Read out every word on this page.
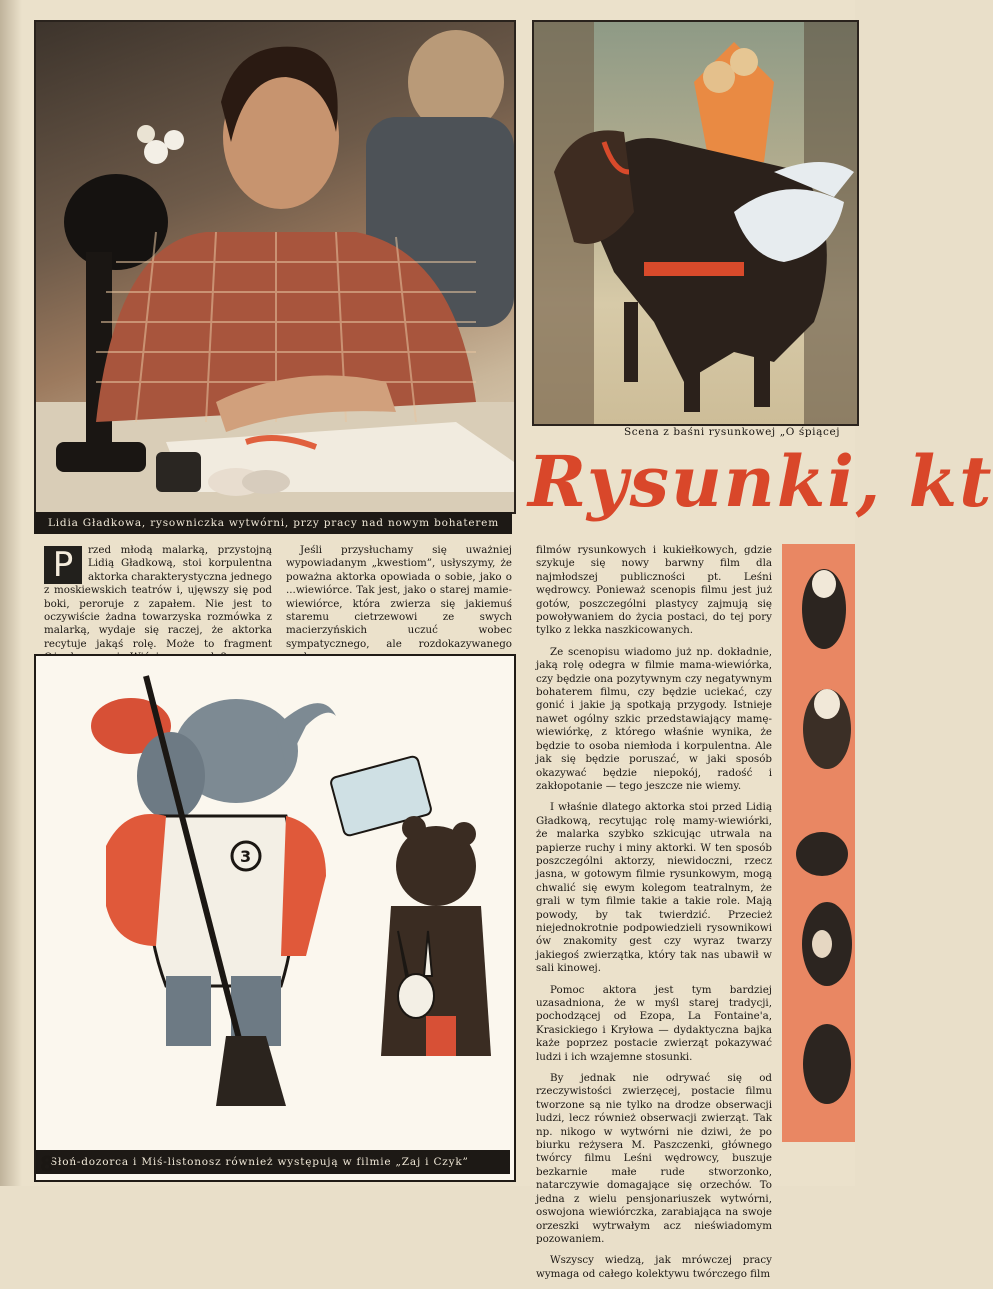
Lidia Gładkowa, rysowniczka wytwórni, przy pracy nad nowym bohaterem
Scena z baśni rysunkowej „O śpiącej
Rysunki, kt

P	rzed młodą malarką, przystojną Lidią Gładkową, stoi korpulentna aktorka charakterystyczna jednego z moskiewskich teatrów i, ujęwszy się pod boki, peroruje z zapałem. Nie jest to oczywiście żadna towarzyska rozmówka z malarką, wydaje się raczej, że aktorka recytuje jakąś rolę. Może to fragment

Jeśli przysłuchamy się uważniej wypowiadanym „kwestiom”, usłyszymy, że poważna aktorka opowiada o sobie, jako o ...wiewiórce. Tak jest, jako o starej mamie-wiewiórce, która zwierza się jakiemuś staremu cietrzewowi ze swych macierzyńskich uczuć wobec sympatycznego, ale rozdokazywanego

3
Słoń-dozorca i Miś-listonosz również występują w filmie „Zaj i Czyk”

filmów rysunkowych i kukiełkowych, gdzie szykuje się nowy barwny film dla najmłodszej publiczności pt. Leśni wędrowcy. Ponieważ scenopis filmu jest już gotów, poszczególni plastycy zajmują się powoływaniem do życia postaci, do tej pory tylko z lekka naszkicowanych.

Ze scenopisu wiadomo już np. dokładnie, jaką rolę odegra w filmie mama-wiewiórka, czy będzie ona pozytywnym czy negatywnym bohaterem filmu, czy będzie uciekać, czy gonić i jakie ją spotkają przygody. Istnieje nawet ogólny szkic przedstawiający mamę-wiewiórkę, z którego właśnie wynika, że będzie to osoba niemłoda i korpulentna. Ale jak się będzie poruszać, w jaki sposób okazywać będzie niepokój, radość i zakłopotanie — tego jeszcze nie wiemy.

I właśnie dlatego aktorka stoi przed Lidią Gładkową, recytując rolę mamy-wiewiórki, że malarka szybko szkicując utrwala na papierze ruchy i miny aktorki. W ten sposób poszczególni aktorzy, niewidoczni, rzecz jasna, w gotowym filmie rysunkowym, mogą chwalić się ewym kolegom teatralnym, że grali w tym filmie takie a takie role. Mają powody, by tak twierdzić. Przecież niejednokrotnie podpowiedzieli rysownikowi ów znakomity gest czy wyraz twarzy jakiegoś zwierzątka, który tak nas ubawił w sali kinowej.

Pomoc aktora jest tym bardziej uzasadniona, że w myśl starej tradycji, pochodzącej od Ezopa, La Fontaine'a, Krasickiego i Kryłowa — dydaktyczna bajka każe poprzez postacie zwierząt pokazywać ludzi i ich wzajemne stosunki.

By jednak nie odrywać się od rzeczywistości zwierzęcej, postacie filmu tworzone są nie tylko na drodze obserwacji ludzi, lecz również obserwacji zwierząt. Tak np. nikogo w wytwórni nie dziwi, że po biurku reżysera M. Paszczenki, głównego twórcy filmu Leśni wędrowcy, buszuje bezkarnie małe rude stworzonko, natarczywie domagające się orzechów. To jedna z wielu pensjonariuszek wytwórni, oswojona wiewiórczka, zarabiająca na swoje orzeszki wytrwałym acz nieświadomym pozowaniem.

Wszyscy wiedzą, jak mrówczej pracy wymaga od całego kolektywu twórczego film

8
